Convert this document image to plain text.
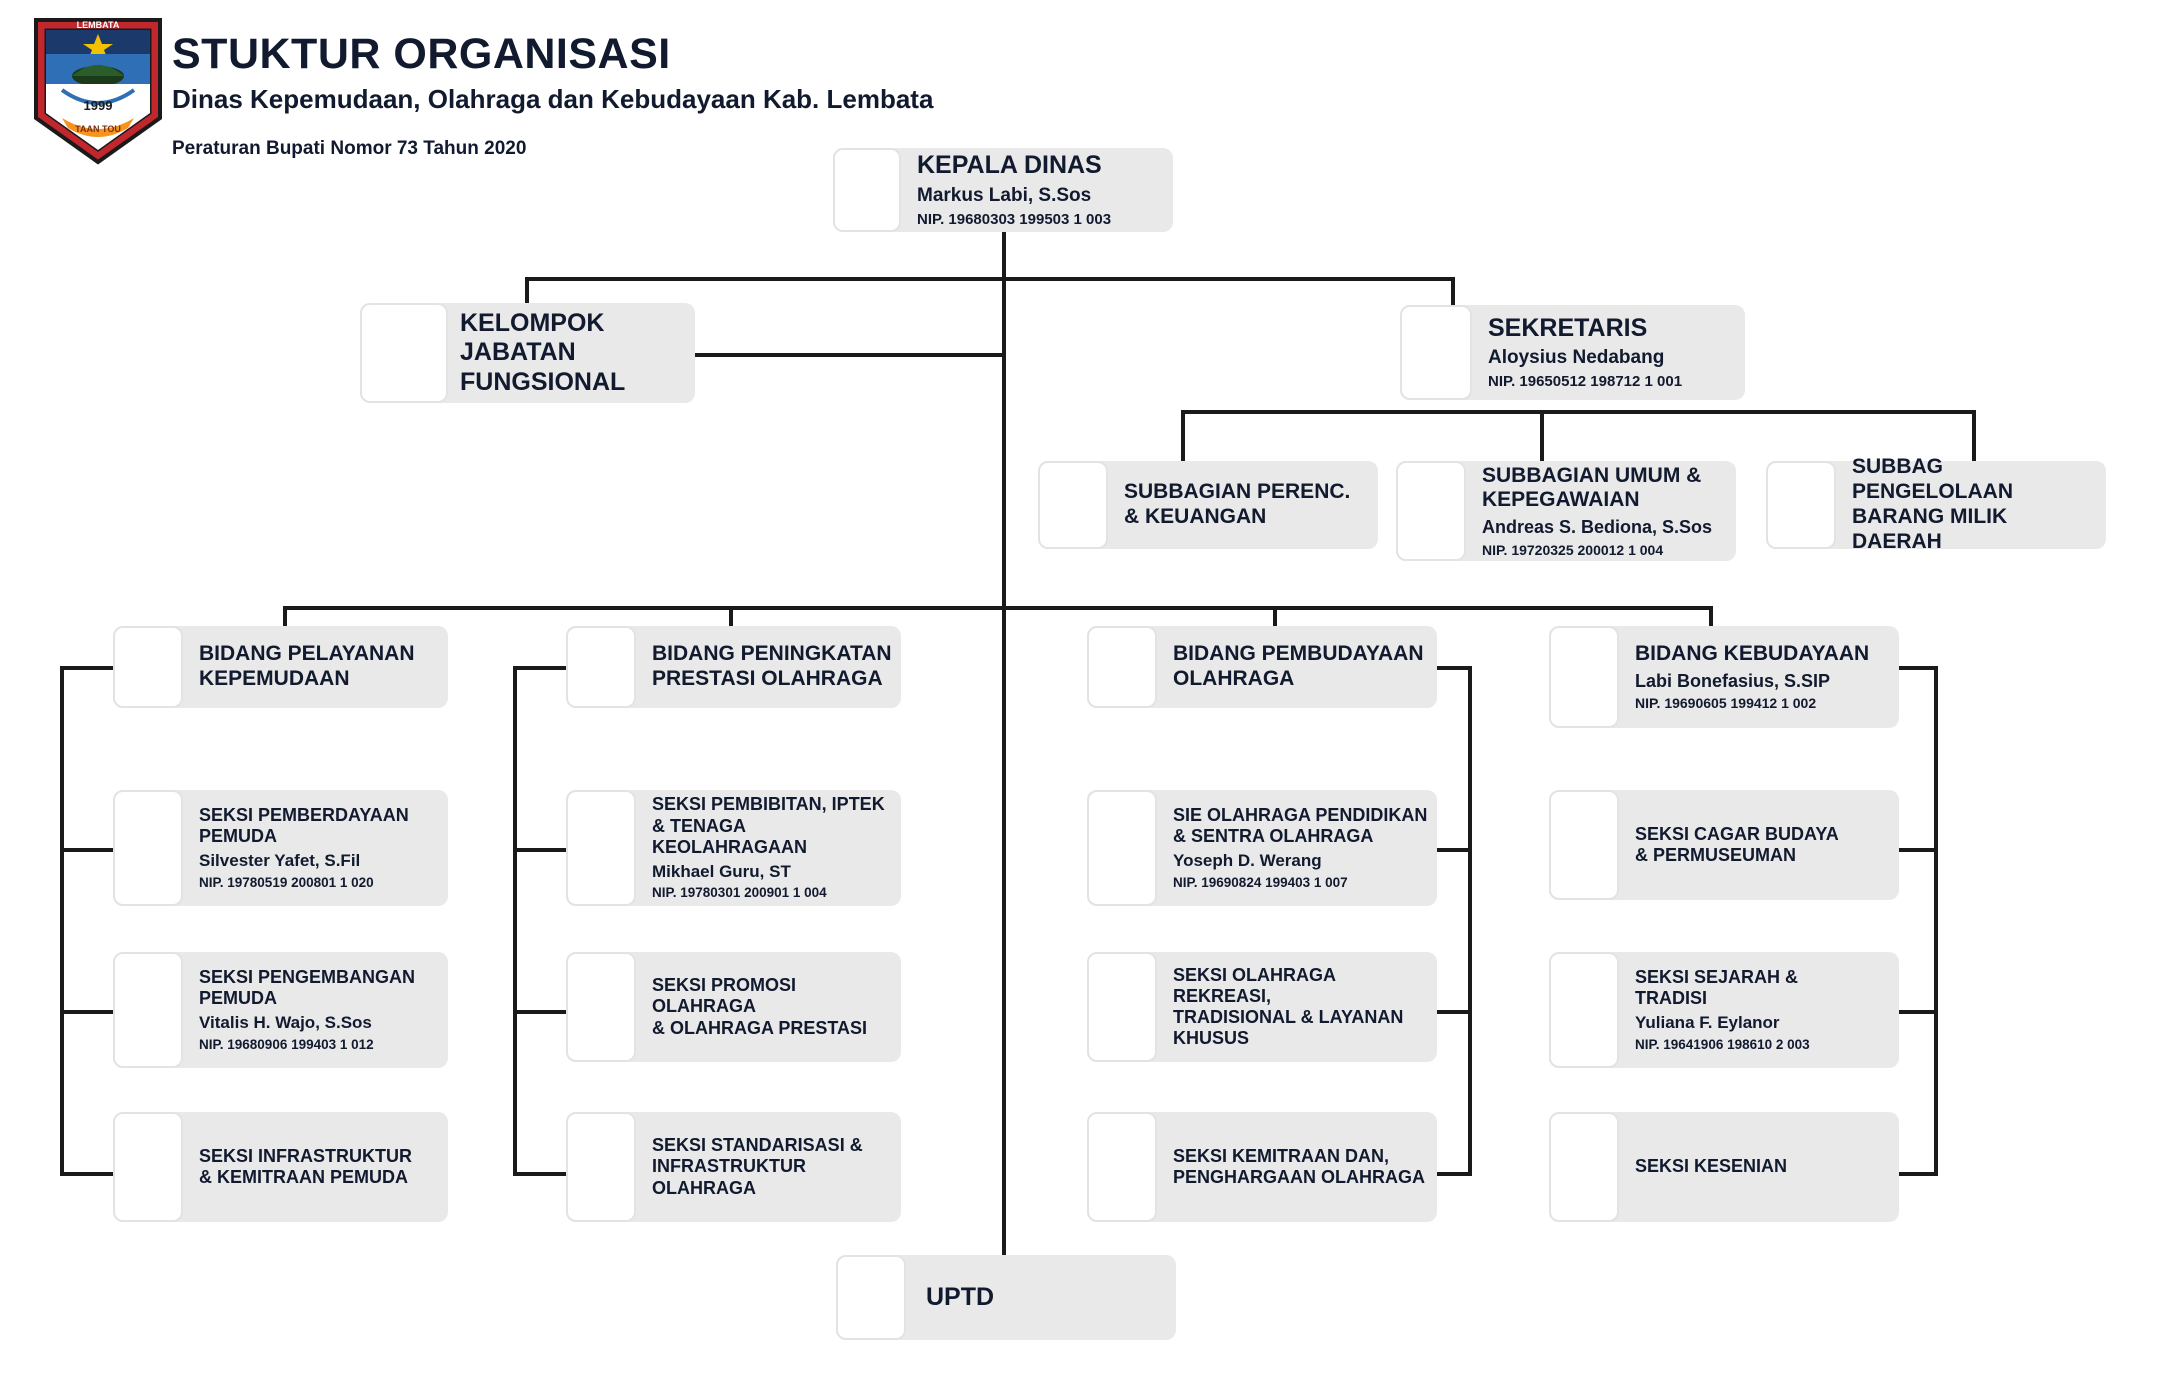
1999
TAAN TOU
LEMBATA
STUKTUR ORGANISASI
Dinas Kepemudaan, Olahraga dan Kebudayaan Kab. Lembata
Peraturan Bupati Nomor 73 Tahun 2020
KEPALA DINAS
Markus Labi, S.Sos
NIP. 19680303 199503 1 003
KELOMPOK
JABATAN
FUNGSIONAL
SEKRETARIS
Aloysius Nedabang
NIP. 19650512 198712 1 001
SUBBAGIAN PERENC.
& KEUANGAN
SUBBAGIAN UMUM &
KEPEGAWAIAN
Andreas S. Bediona, S.Sos
NIP. 19720325 200012 1 004
SUBBAG PENGELOLAAN
BARANG MILIK DAERAH
BIDANG PELAYANAN
KEPEMUDAAN
SEKSI PEMBERDAYAAN
PEMUDA
Silvester Yafet, S.Fil
NIP. 19780519 200801 1 020
SEKSI PENGEMBANGAN
PEMUDA
Vitalis H. Wajo, S.Sos
NIP. 19680906 199403 1 012
SEKSI INFRASTRUKTUR
& KEMITRAAN PEMUDA
BIDANG PENINGKATAN
PRESTASI OLAHRAGA
SEKSI PEMBIBITAN, IPTEK
& TENAGA KEOLAHRAGAAN
Mikhael Guru, ST
NIP. 19780301 200901 1 004
SEKSI PROMOSI OLAHRAGA
& OLAHRAGA PRESTASI
SEKSI STANDARISASI &
INFRASTRUKTUR OLAHRAGA
BIDANG PEMBUDAYAAN
OLAHRAGA
SIE OLAHRAGA PENDIDIKAN
& SENTRA OLAHRAGA
Yoseph D. Werang
NIP. 19690824 199403 1 007
SEKSI OLAHRAGA REKREASI,
TRADISIONAL & LAYANAN
KHUSUS
SEKSI KEMITRAAN DAN,
PENGHARGAAN OLAHRAGA
BIDANG KEBUDAYAAN
Labi Bonefasius, S.SIP
NIP. 19690605 199412 1 002
SEKSI CAGAR BUDAYA
& PERMUSEUMAN
SEKSI SEJARAH &
TRADISI
Yuliana F. Eylanor
NIP. 19641906 198610 2 003
SEKSI KESENIAN
UPTD
